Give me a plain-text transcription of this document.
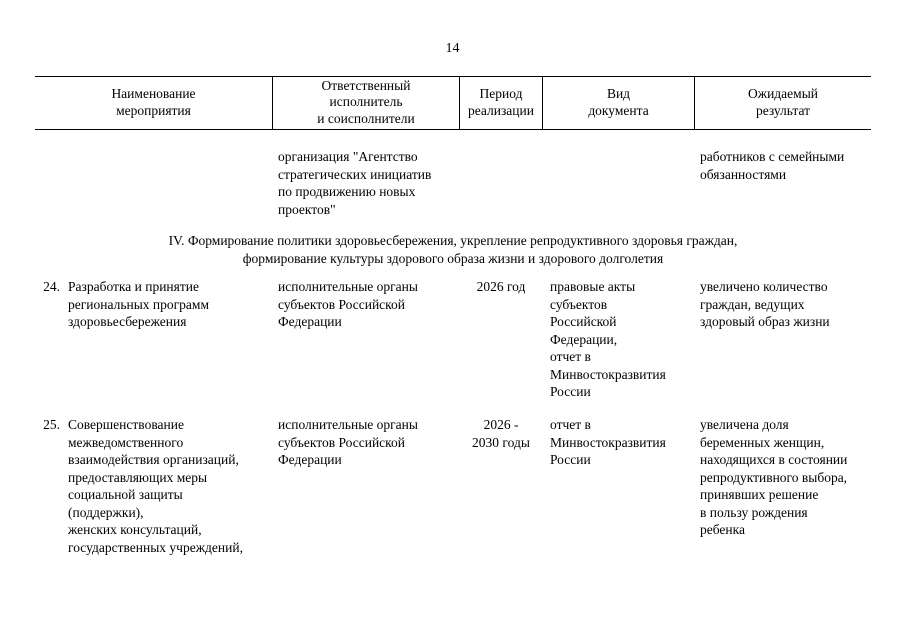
14
Наименование
мероприятия
Ответственный
исполнитель
и соисполнители
Период
реализации
Вид
документа
Ожидаемый
результат
организация "Агентство
стратегических инициатив
по продвижению новых
проектов"
работников с семейными
обязанностями
IV. Формирование политики здоровьесбережения, укрепление репродуктивного здоровья граждан,
формирование культуры здорового образа жизни и здорового долголетия
24. Разработка и принятие
региональных программ
здоровьесбережения
исполнительные органы
субъектов Российской
Федерации
2026 год	правовые акты
субъектов
Российской
Федерации,
отчет в
Минвостокразвития
России
увеличено количество
граждан, ведущих
здоровый образ жизни
25. Совершенствование
межведомственного
взаимодействия организаций,
предоставляющих меры
социальной защиты
(поддержки),
женских консультаций,
государственных учреждений,
исполнительные органы
субъектов Российской
Федерации
2026 -
2030 годы
отчет в
Минвостокразвития
России
увеличена доля
беременных женщин,
находящихся в состоянии
репродуктивного выбора,
принявших решение
в пользу рождения
ребенка
